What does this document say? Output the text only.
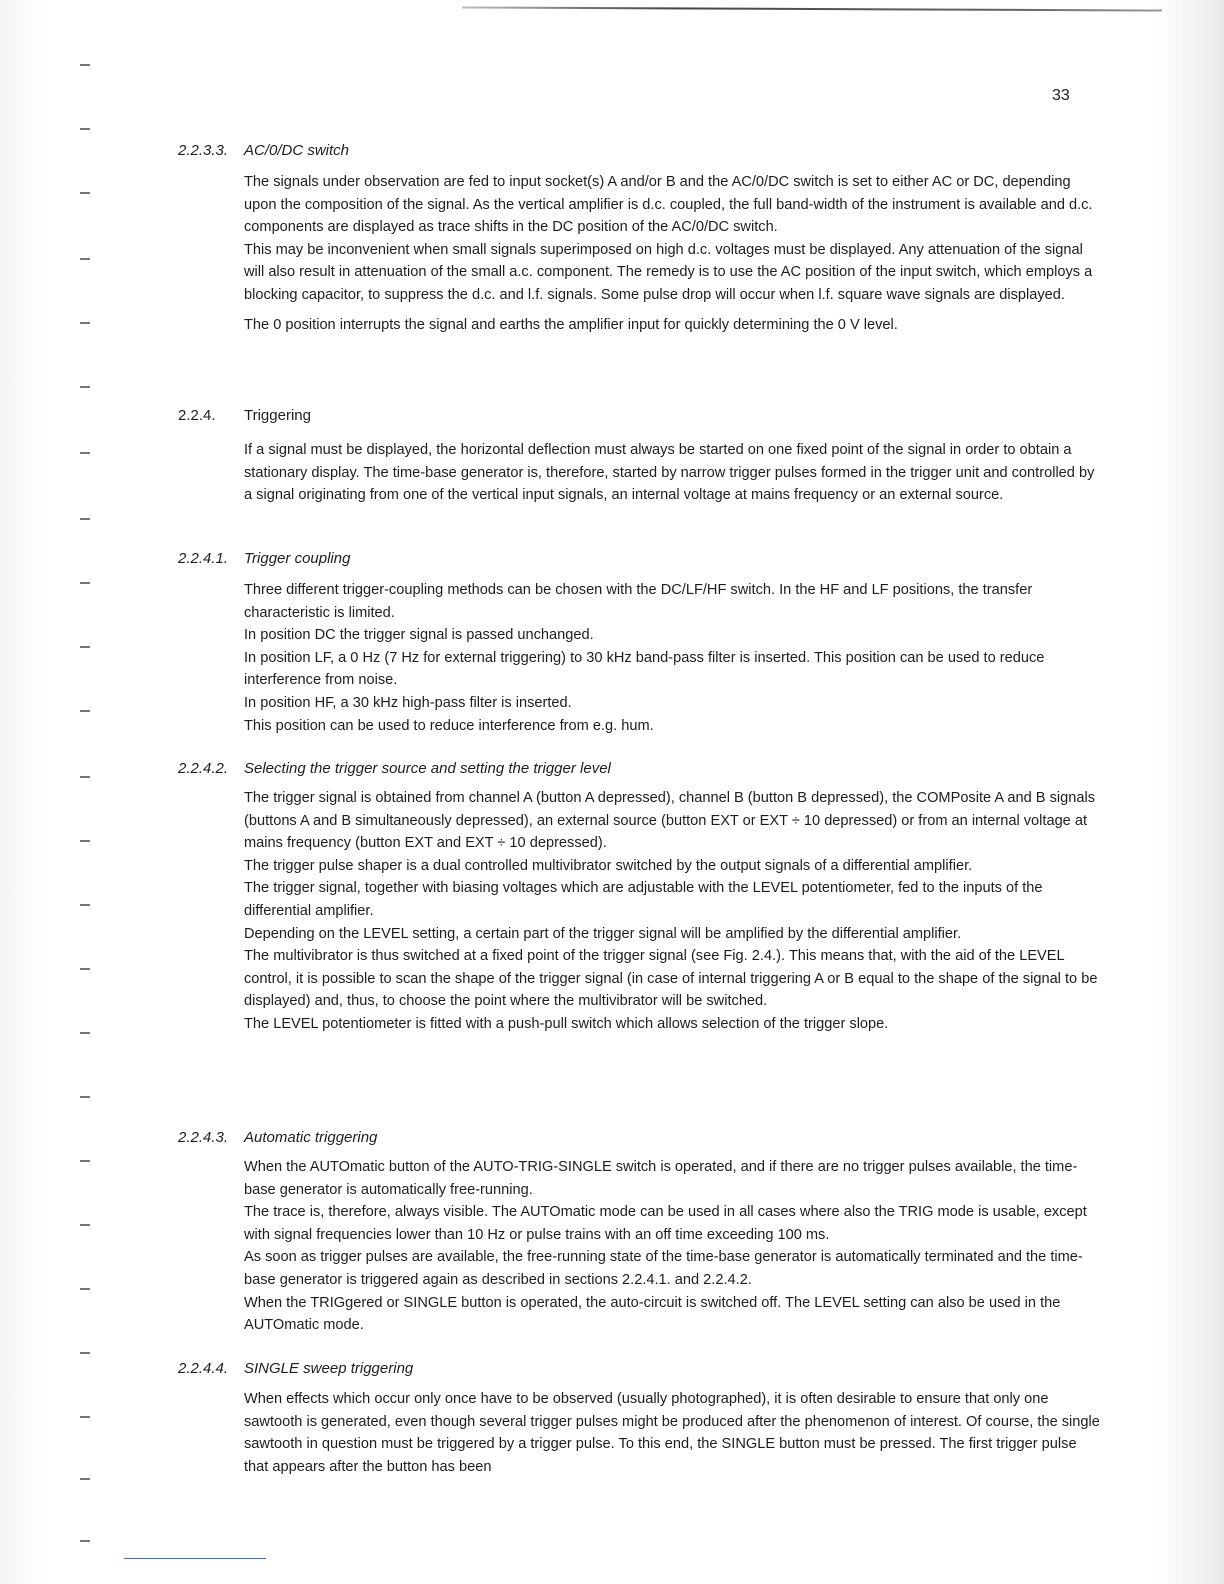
33
2.2.3.3. AC/0/DC switch

The signals under observation are fed to input socket(s) A and/or B and the AC/0/DC switch is set to either AC or DC, depending upon the composition of the signal. As the vertical amplifier is d.c. coupled, the full band-width of the instrument is available and d.c. components are displayed as trace shifts in the DC position of the AC/0/DC switch.

This may be inconvenient when small signals superimposed on high d.c. voltages must be displayed. Any attenuation of the signal will also result in attenuation of the small a.c. component. The remedy is to use the AC position of the input switch, which employs a blocking capacitor, to suppress the d.c. and l.f. signals. Some pulse drop will occur when l.f. square wave signals are displayed.

The 0 position interrupts the signal and earths the amplifier input for quickly determining the 0 V level.

2.2.4. Triggering

If a signal must be displayed, the horizontal deflection must always be started on one fixed point of the signal in order to obtain a stationary display. The time-base generator is, therefore, started by narrow trigger pulses formed in the trigger unit and controlled by a signal originating from one of the vertical input signals, an internal voltage at mains frequency or an external source.

2.2.4.1. Trigger coupling

Three different trigger-coupling methods can be chosen with the DC/LF/HF switch. In the HF and LF positions, the transfer characteristic is limited.

In position DC the trigger signal is passed unchanged.

In position LF, a 0 Hz (7 Hz for external triggering) to 30 kHz band-pass filter is inserted. This position can be used to reduce interference from noise.

In position HF, a 30 kHz high-pass filter is inserted.

This position can be used to reduce interference from e.g. hum.

2.2.4.2. Selecting the trigger source and setting the trigger level

The trigger signal is obtained from channel A (button A depressed), channel B (button B depressed), the COMPosite A and B signals (buttons A and B simultaneously depressed), an external source (button EXT or EXT ÷ 10 depressed) or from an internal voltage at mains frequency (button EXT and EXT ÷ 10 depressed).

The trigger pulse shaper is a dual controlled multivibrator switched by the output signals of a differential amplifier.

The trigger signal, together with biasing voltages which are adjustable with the LEVEL potentiometer, fed to the inputs of the differential amplifier.

Depending on the LEVEL setting, a certain part of the trigger signal will be amplified by the differential amplifier.

The multivibrator is thus switched at a fixed point of the trigger signal (see Fig. 2.4.). This means that, with the aid of the LEVEL control, it is possible to scan the shape of the trigger signal (in case of internal triggering A or B equal to the shape of the signal to be displayed) and, thus, to choose the point where the multivibrator will be switched.

The LEVEL potentiometer is fitted with a push-pull switch which allows selection of the trigger slope.

2.2.4.3. Automatic triggering

When the AUTOmatic button of the AUTO-TRIG-SINGLE switch is operated, and if there are no trigger pulses available, the time-base generator is automatically free-running.

The trace is, therefore, always visible. The AUTOmatic mode can be used in all cases where also the TRIG mode is usable, except with signal frequencies lower than 10 Hz or pulse trains with an off time exceeding 100 ms.

As soon as trigger pulses are available, the free-running state of the time-base generator is automatically terminated and the time-base generator is triggered again as described in sections 2.2.4.1. and 2.2.4.2.

When the TRIGgered or SINGLE button is operated, the auto-circuit is switched off. The LEVEL setting can also be used in the AUTOmatic mode.

2.2.4.4. SINGLE sweep triggering

When effects which occur only once have to be observed (usually photographed), it is often desirable to ensure that only one sawtooth is generated, even though several trigger pulses might be produced after the phenomenon of interest. Of course, the single sawtooth in question must be triggered by a trigger pulse. To this end, the SINGLE button must be pressed. The first trigger pulse that appears after the button has been
